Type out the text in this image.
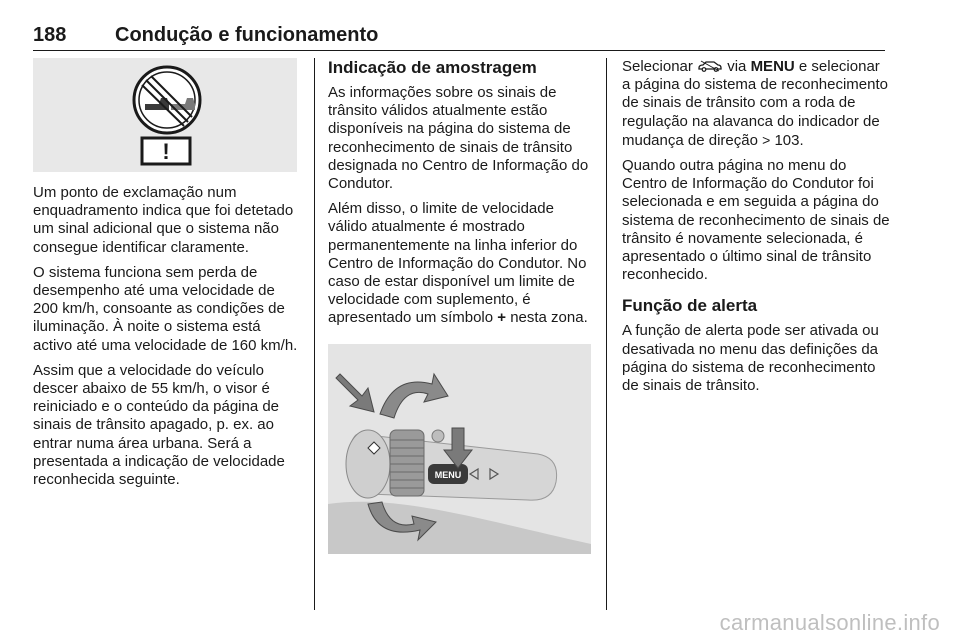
188 Condução e funcionamento
!

Um ponto de exclamação num enquadramento indica que foi detetado um sinal adicional que o sistema não consegue identificar claramente.

O sistema funciona sem perda de desempenho até uma velocidade de 200 km/h, consoante as condições de iluminação. À noite o sistema está activo até uma velocidade de 160 km/h.

Assim que a velocidade do veículo descer abaixo de 55 km/h, o visor é reiniciado e o conteúdo da página de sinais de trânsito apagado, p. ex. ao entrar numa área urbana. Será a presentada a indicação de velocidade reconhecida seguinte.

Indicação de amostragem

As informações sobre os sinais de trânsito válidos atualmente estão disponíveis na página do sistema de reconhecimento de sinais de trânsito designada no Centro de Informação do Condutor.

Além disso, o limite de velocidade válido atualmente é mostrado permanentemente na linha inferior do Centro de Informação do Condutor. No caso de estar disponível um limite de velocidade com suplemento, é apresentado um símbolo + nesta zona.

MENU

Selecionar  via MENU e selecionar a página do sistema de reconhecimento de sinais de trânsito com a roda de regulação na alavanca do indicador de mudança de direção > 103.

Quando outra página no menu do Centro de Informação do Condutor foi selecionada e em seguida a página do sistema de reconhecimento de sinais de trânsito é novamente selecionada, é apresentado o último sinal de trânsito reconhecido.

Função de alerta

A função de alerta pode ser ativada ou desativada no menu das definições da página do sistema de reconhecimento de sinais de trânsito.

carmanualsonline.info
